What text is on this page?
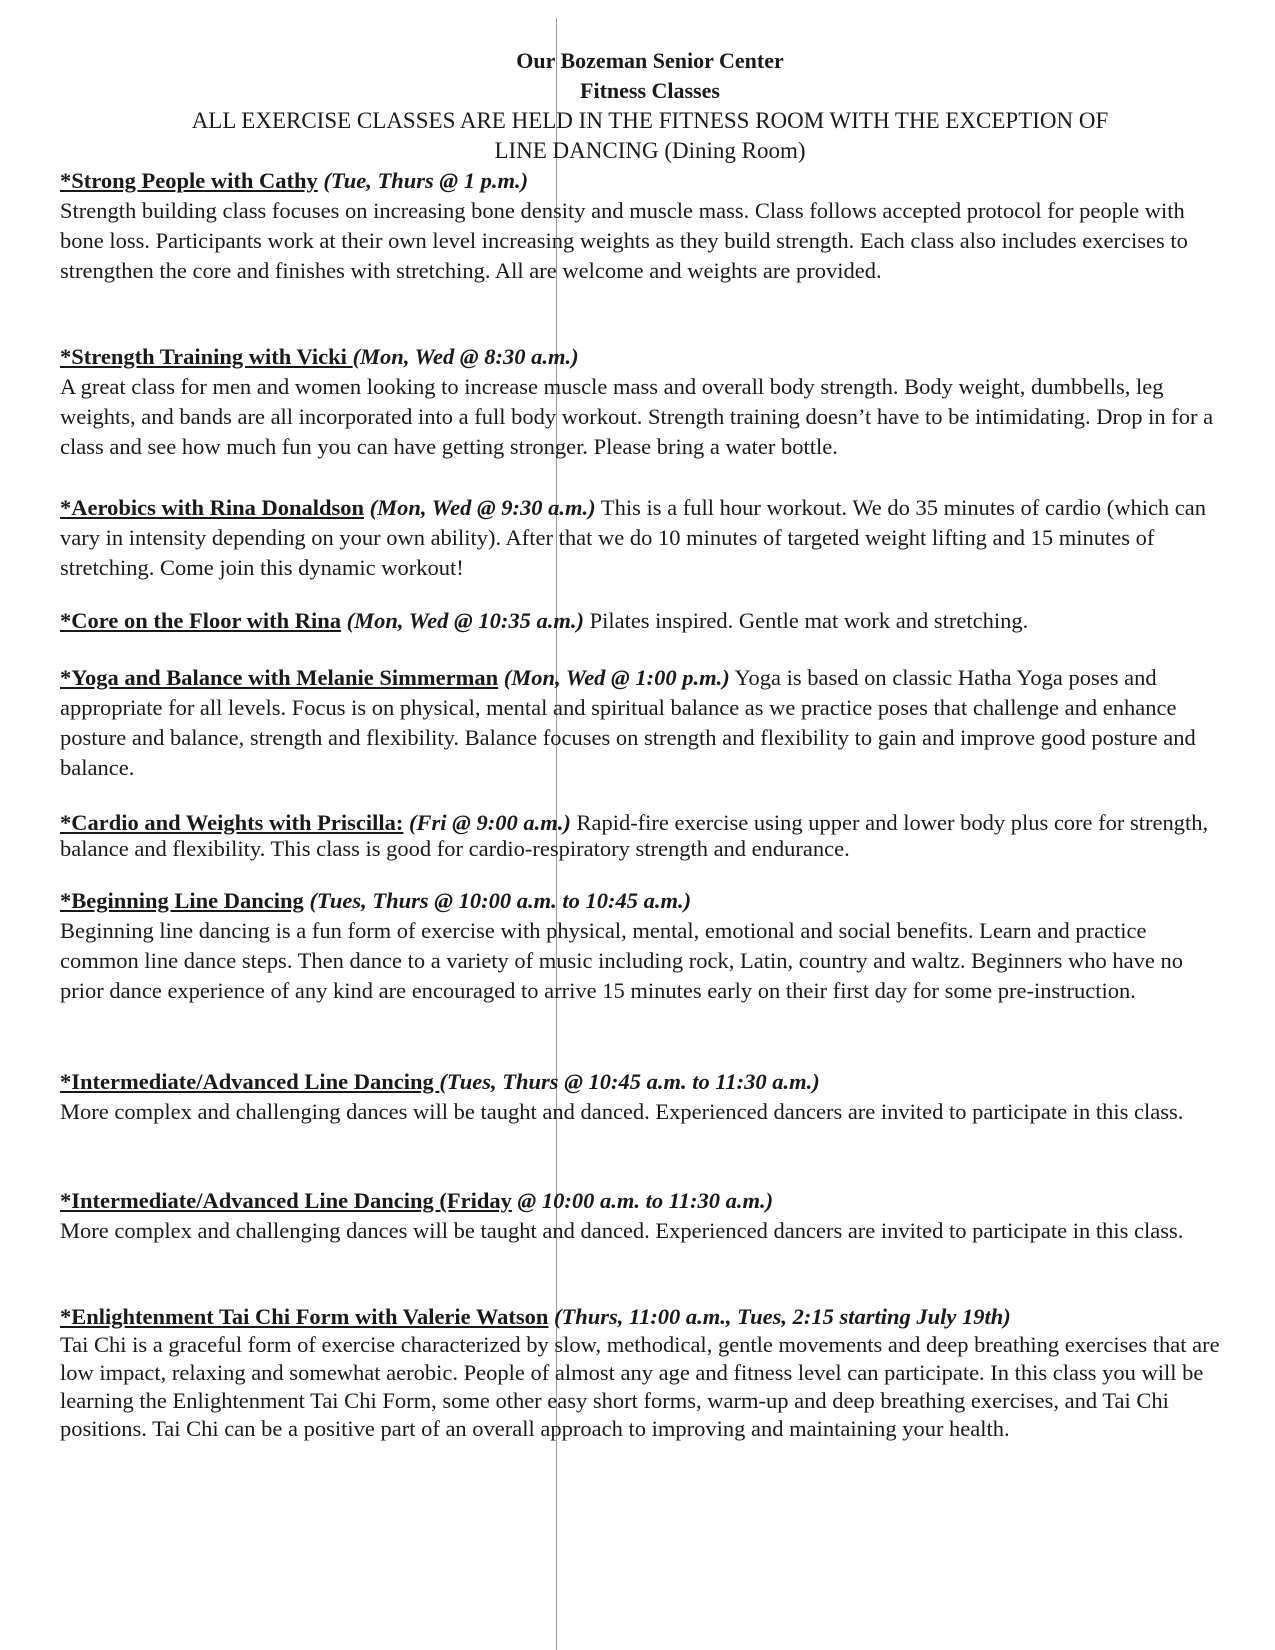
Our Bozeman Senior Center
Fitness Classes
ALL EXERCISE CLASSES ARE HELD IN THE FITNESS ROOM WITH THE EXCEPTION OF
LINE DANCING (Dining Room)
*Strong People with Cathy (Tue, Thurs @ 1 p.m.)
Strength building class focuses on increasing bone density and muscle mass. Class follows accepted protocol for people with bone loss. Participants work at their own level increasing weights as they build strength. Each class also includes exercises to strengthen the core and finishes with stretching. All are welcome and weights are provided.
*Strength Training with Vicki (Mon, Wed @ 8:30 a.m.)
A great class for men and women looking to increase muscle mass and overall body strength. Body weight, dumbbells, leg weights, and bands are all incorporated into a full body workout. Strength training doesn’t have to be intimidating. Drop in for a class and see how much fun you can have getting stronger. Please bring a water bottle.
*Aerobics with Rina Donaldson (Mon, Wed @ 9:30 a.m.) This is a full hour workout. We do 35 minutes of cardio (which can vary in intensity depending on your own ability). After that we do 10 minutes of targeted weight lifting and 15 minutes of stretching. Come join this dynamic workout!
*Core on the Floor with Rina (Mon, Wed @ 10:35 a.m.) Pilates inspired. Gentle mat work and stretching.
*Yoga and Balance with Melanie Simmerman (Mon, Wed @ 1:00 p.m.) Yoga is based on classic Hatha Yoga poses and appropriate for all levels. Focus is on physical, mental and spiritual balance as we practice poses that challenge and enhance posture and balance, strength and flexibility. Balance focuses on strength and flexibility to gain and improve good posture and balance.
*Cardio and Weights with Priscilla: (Fri @ 9:00 a.m.) Rapid-fire exercise using upper and lower body plus core for strength, balance and flexibility. This class is good for cardio-respiratory strength and endurance.
*Beginning Line Dancing (Tues, Thurs @ 10:00 a.m. to 10:45 a.m.)
Beginning line dancing is a fun form of exercise with physical, mental, emotional and social benefits. Learn and practice common line dance steps. Then dance to a variety of music including rock, Latin, country and waltz. Beginners who have no prior dance experience of any kind are encouraged to arrive 15 minutes early on their first day for some pre-instruction.
*Intermediate/Advanced Line Dancing (Tues, Thurs @ 10:45 a.m. to 11:30 a.m.)
More complex and challenging dances will be taught and danced. Experienced dancers are invited to participate in this class.
*Intermediate/Advanced Line Dancing (Friday @ 10:00 a.m. to 11:30 a.m.)
More complex and challenging dances will be taught and danced. Experienced dancers are invited to participate in this class.
*Enlightenment Tai Chi Form with Valerie Watson (Thurs, 11:00 a.m., Tues, 2:15 starting July 19th)
Tai Chi is a graceful form of exercise characterized by slow, methodical, gentle movements and deep breathing exercises that are low impact, relaxing and somewhat aerobic. People of almost any age and fitness level can participate. In this class you will be learning the Enlightenment Tai Chi Form, some other easy short forms, warm-up and deep breathing exercises, and Tai Chi positions. Tai Chi can be a positive part of an overall approach to improving and maintaining your health.
